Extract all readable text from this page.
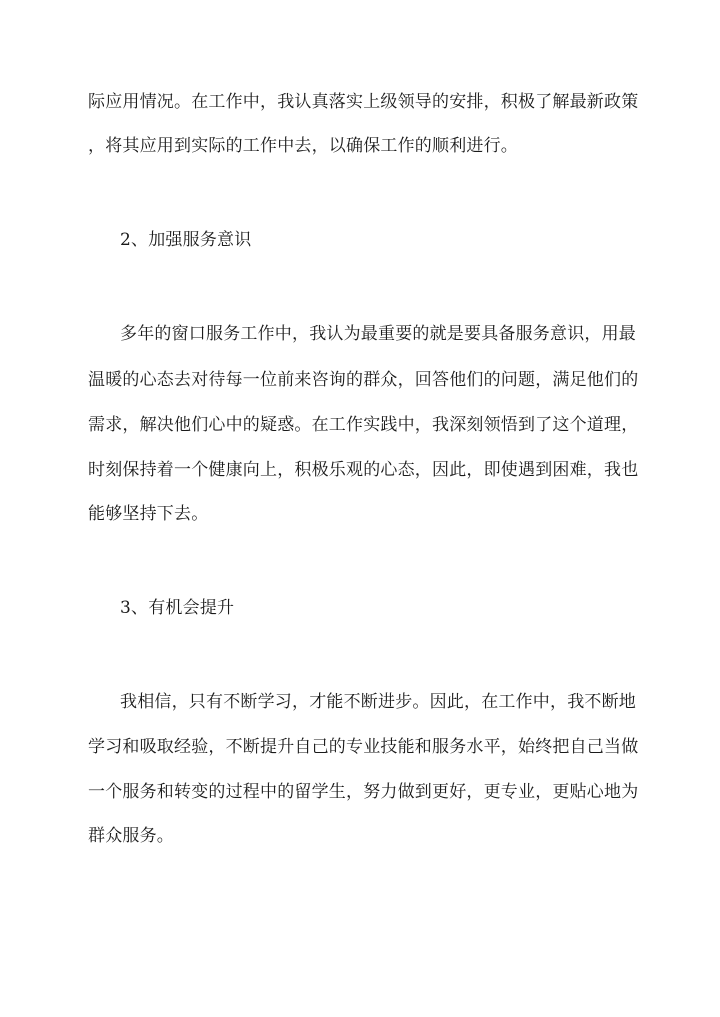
际应用情况。在工作中，我认真落实上级领导的安排，积极了解最新政策
，将其应用到实际的工作中去，以确保工作的顺利进行。
2、加强服务意识
多年的窗口服务工作中，我认为最重要的就是要具备服务意识，用最
温暖的心态去对待每一位前来咨询的群众，回答他们的问题，满足他们的
需求，解决他们心中的疑惑。在工作实践中，我深刻领悟到了这个道理，
时刻保持着一个健康向上，积极乐观的心态，因此，即使遇到困难，我也
能够坚持下去。
3、有机会提升
我相信，只有不断学习，才能不断进步。因此，在工作中，我不断地
学习和吸取经验，不断提升自己的专业技能和服务水平，始终把自己当做
一个服务和转变的过程中的留学生，努力做到更好，更专业，更贴心地为
群众服务。
